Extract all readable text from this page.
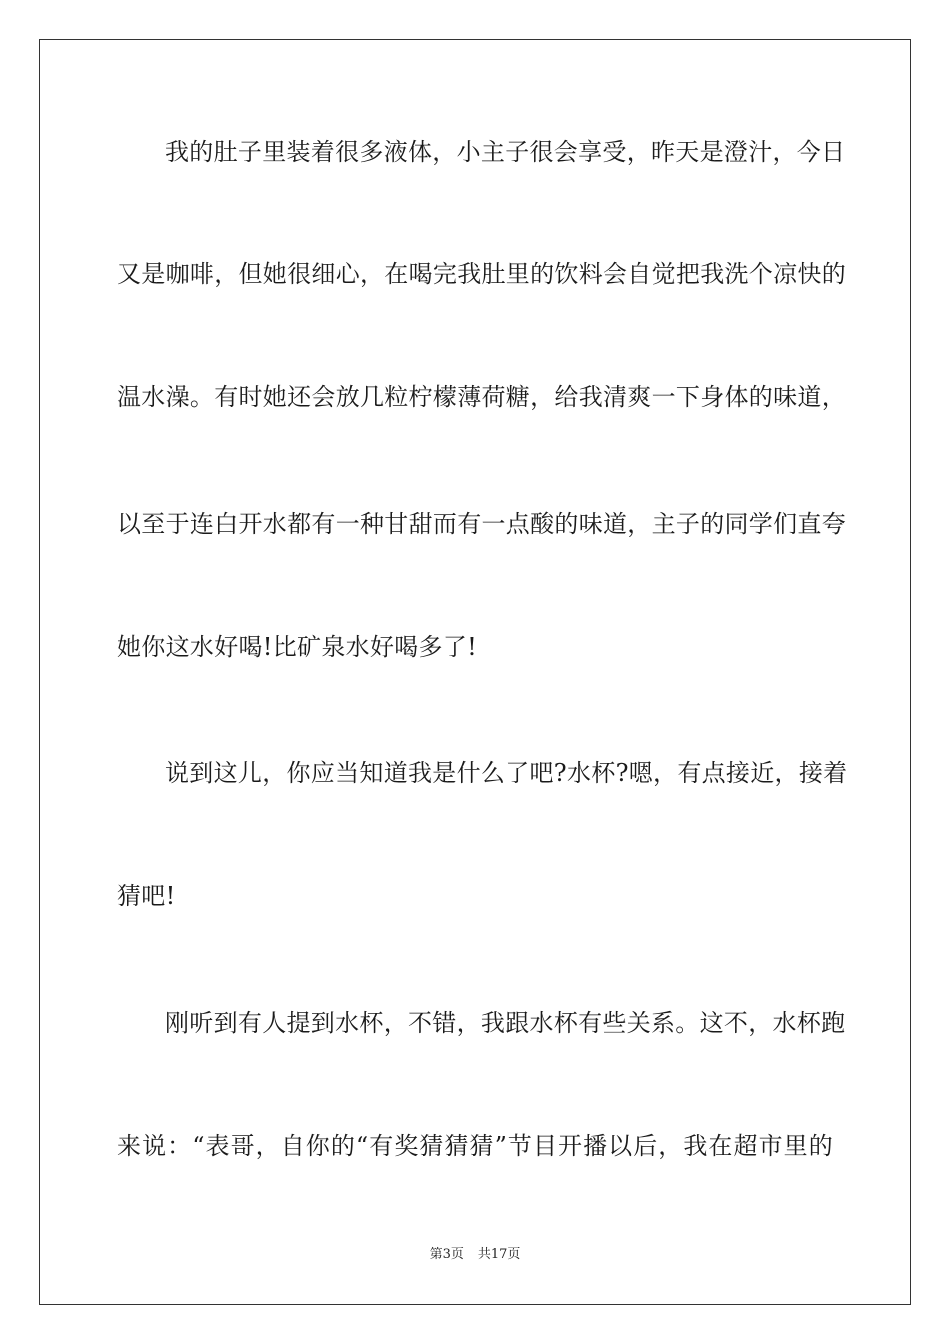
我的肚子里装着很多液体，小主子很会享受，昨天是澄汁，今日
又是咖啡，但她很细心，在喝完我肚里的饮料会自觉把我洗个凉快的
温水澡。有时她还会放几粒柠檬薄荷糖，给我清爽一下身体的味道，
以至于连白开水都有一种甘甜而有一点酸的味道，主子的同学们直夸
她你这水好喝!比矿泉水好喝多了!
说到这儿，你应当知道我是什么了吧?水杯?嗯，有点接近，接着
猜吧!
刚听到有人提到水杯，不错，我跟水杯有些关系。这不，水杯跑
来说：“表哥，自你的“有奖猜猜猜”节目开播以后，我在超市里的
第3页 共17页
